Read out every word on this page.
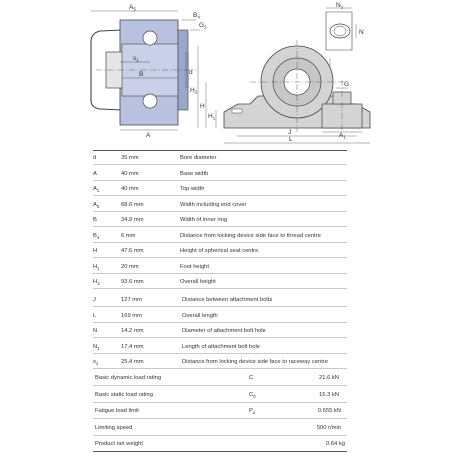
$A_5$
$B_4$
$G_2$
$s_1$
B	d
A	J
L
$H_2$
H
$H_1$
$N_1$
N
$A_1$
G
d	35 mm	Bore diameter
A	40 mm	Base width
$A_1$	40 mm	Top width
$A_5$	68.6 mm	Width including end cover
B	34.9 mm	Width of inner ring
$B_4$	6 mm	Distance from locking device side face to thread centre
H	47.6 mm	Height of spherical seat centre
$H_1$	20 mm	Foot height
$H_2$	93.6 mm	Overall height
J	127 mm	Distance between attachment bolts
L	169 mm	Overall length
N	14.2 mm	Diameter of attachment bolt hole
$N_1$	17.4 mm	Length of attachment bolt hole
$s_1$	25.4 mm	Distance from locking device side face to raceway centre
Basic dynamic load rating	C	21.6 kN
Basic static load rating	$C_0$	15.3 kN
Fatigue load limit	$P_u$	0.655 kN
Limiting speed	500 r/min
Product net weight	0.64 kg
